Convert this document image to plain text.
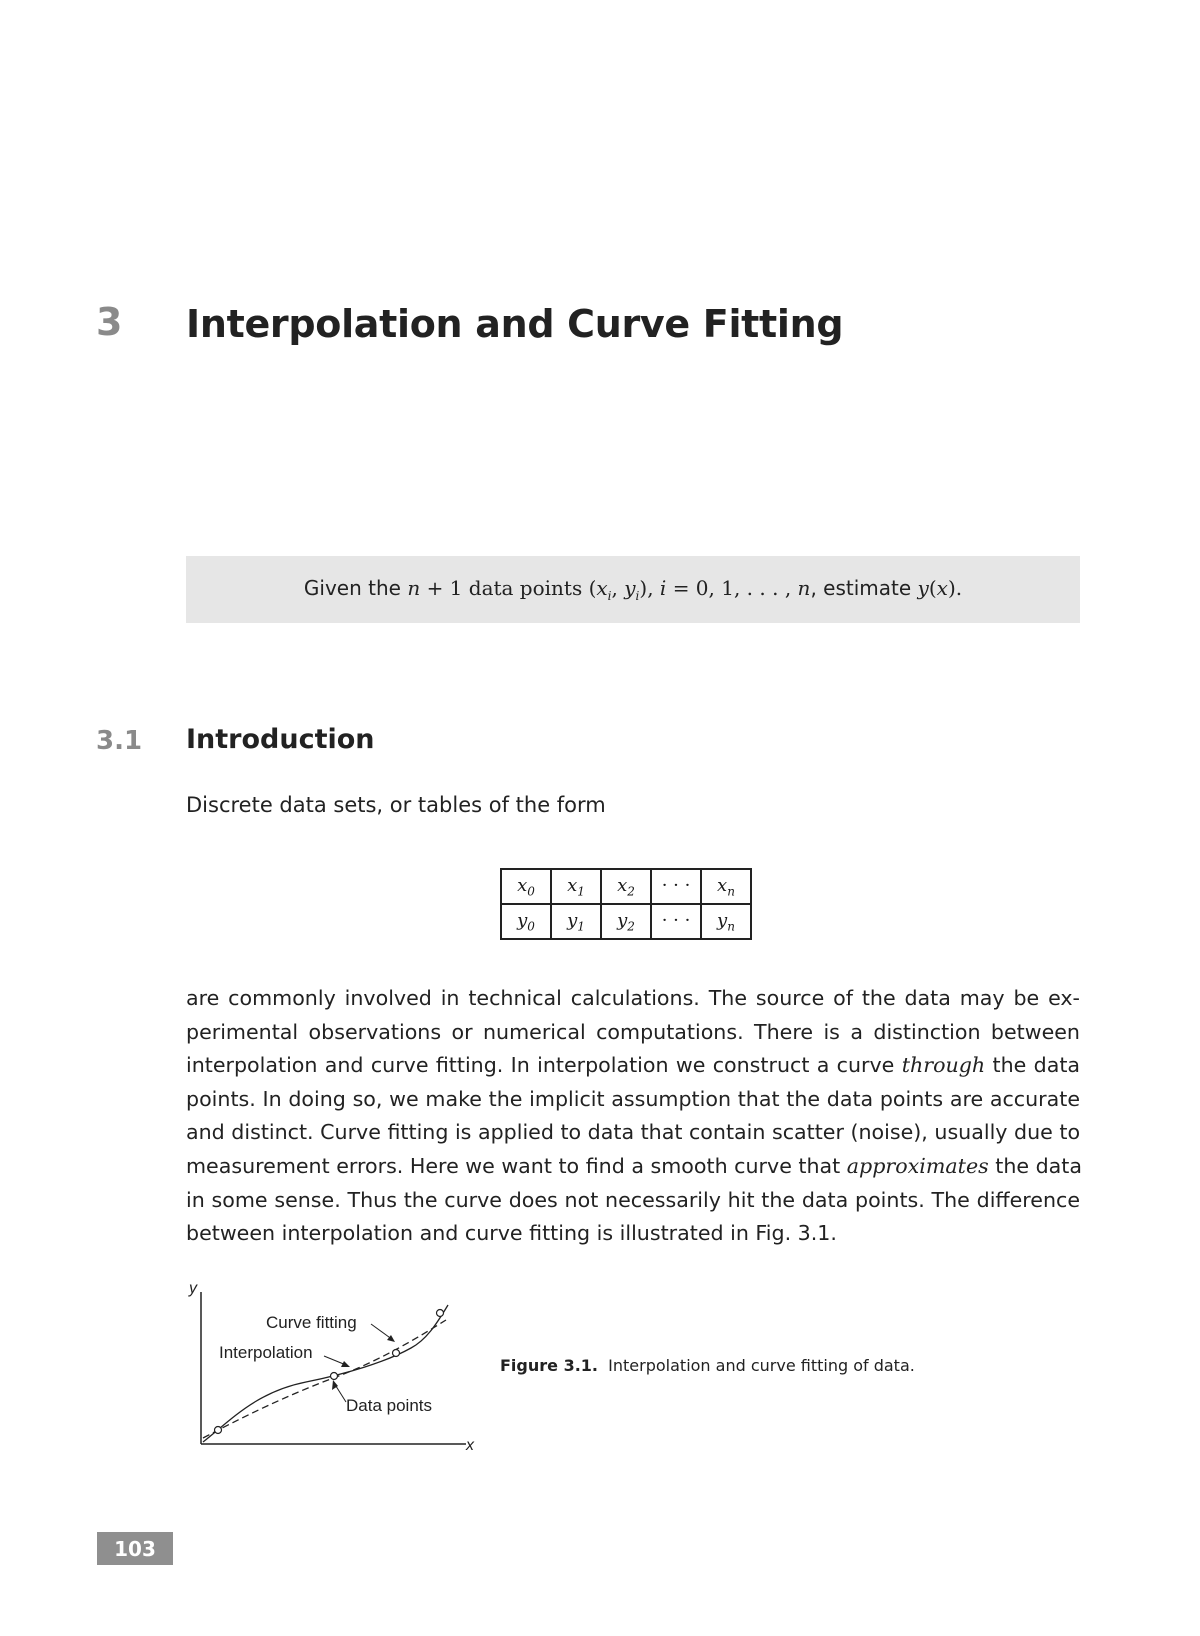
3 Interpolation and Curve Fitting
Given the n + 1 data points ($x_i$, $y_i$), i = 0, 1, . . . , n, estimate y(x).
3.1 Introduction
Discrete data sets, or tables of the form
$x_0$	$x_1$	$x_2$	· · ·	$x_n$
$y_0$	$y_1$	$y_2$	· · ·	$y_n$
are commonly involved in technical calculations. The source of the data may be ex-
perimental observations or numerical computations. There is a distinction between
interpolation and curve fitting. In interpolation we construct a curve through the data
points. In doing so, we make the implicit assumption that the data points are accurate
and distinct. Curve fitting is applied to data that contain scatter (noise), usually due to
measurement errors. Here we want to find a smooth curve that approximates the data
in some sense. Thus the curve does not necessarily hit the data points. The difference
between interpolation and curve fitting is illustrated in Fig. 3.1.
y
x
Curve fitting
Interpolation
Data points
Figure 3.1. Interpolation and curve fitting of data.
103
